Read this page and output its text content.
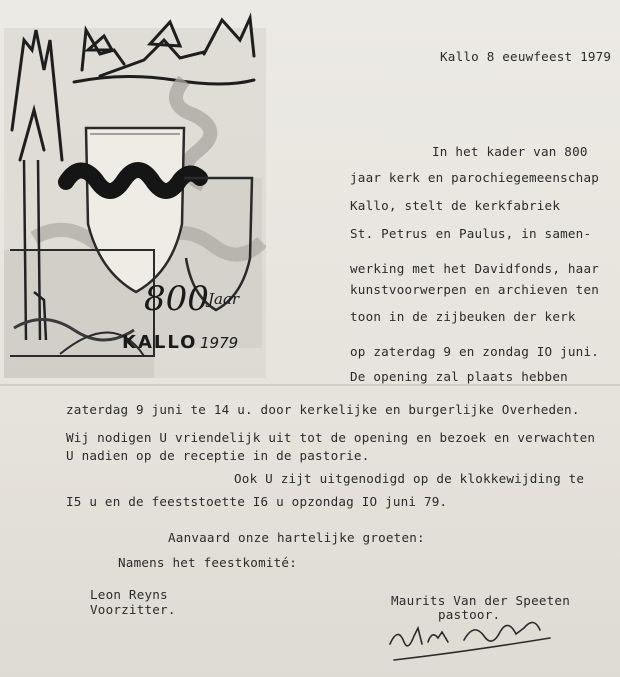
800 Jaar
KALLO 1979
Kallo 8 eeuwfeest 1979
In het kader van 800
jaar kerk en parochiegemeenschap
Kallo, stelt de kerkfabriek
St. Petrus en Paulus, in samen-
werking met het Davidfonds, haar
kunstvoorwerpen en archieven ten
toon in de zijbeuken der kerk
op zaterdag 9 en zondag IO juni.
De opening zal plaats hebben
zaterdag 9 juni te 14 u. door kerkelijke en burgerlijke Overheden.
Wij nodigen U vriendelijk uit tot de opening en bezoek en verwachten
U nadien op de receptie in de pastorie.
Ook U zijt uitgenodigd op de klokkewijding te
I5 u en de feeststoette I6 u opzondag IO juni 79.
Aanvaard onze hartelijke groeten:
Namens het feestkomité:
Leon Reyns
Voorzitter.
Maurits Van der Speeten
pastoor.
